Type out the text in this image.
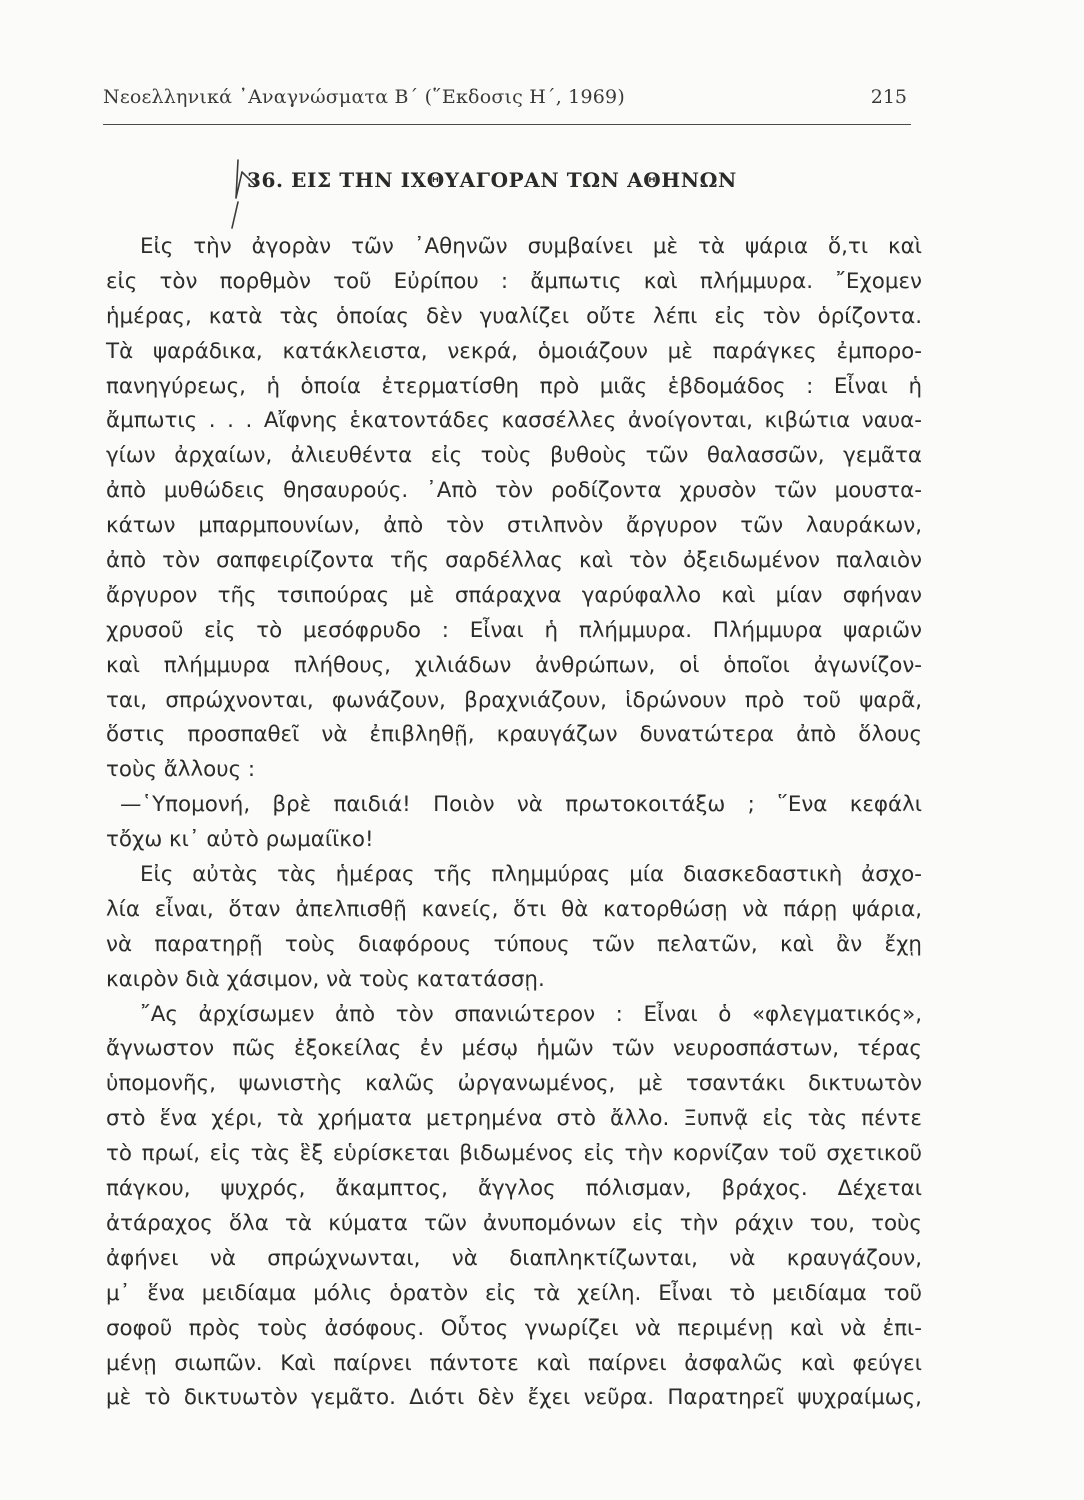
Νεοελληνικά ᾿Αναγνώσματα Β΄ (῞Εκδοσις Η΄, 1969)	215
36. ΕΙΣ ΤΗΝ ΙΧΘΥΑΓΟΡΑΝ ΤΩΝ ΑΘΗΝΩΝ
Εἰς τὴν ἀγορὰν τῶν ᾿Αθηνῶν συμβαίνει μὲ τὰ ψάρια ὅ,τι καὶ
εἰς τὸν πορθμὸν τοῦ Εὐρίπου : ἄμπωτις καὶ πλήμμυρα. ῎Εχομεν
ἡμέρας, κατὰ τὰς ὁποίας δὲν γυαλίζει οὔτε λέπι εἰς τὸν ὁρίζοντα.
Τὰ ψαράδικα, κατάκλειστα, νεκρά, ὁμοιάζουν μὲ παράγκες ἐμπορο-
πανηγύρεως, ἡ ὁποία ἐτερματίσθη πρὸ μιᾶς ἑβδομάδος : Εἶναι ἡ
ἄμπωτις . . . Αἴφνης ἑκατοντάδες κασσέλλες ἀνοίγονται, κιβώτια ναυα-
γίων ἀρχαίων, ἀλιευθέντα εἰς τοὺς βυθοὺς τῶν θαλασσῶν, γεμᾶτα
ἀπὸ μυθώδεις θησαυρούς. ᾿Απὸ τὸν ροδίζοντα χρυσὸν τῶν μουστα-
κάτων μπαρμπουνίων, ἀπὸ τὸν στιλπνὸν ἄργυρον τῶν λαυράκων,
ἀπὸ τὸν σαπφειρίζοντα τῆς σαρδέλλας καὶ τὸν ὀξειδωμένον παλαιὸν
ἄργυρον τῆς τσιπούρας μὲ σπάραχνα γαρύφαλλο καὶ μίαν σφήναν
χρυσοῦ εἰς τὸ μεσόφρυδο : Εἶναι ἡ πλήμμυρα. Πλήμμυρα ψαριῶν
καὶ πλήμμυρα πλήθους, χιλιάδων ἀνθρώπων, οἱ ὁποῖοι ἀγωνίζον-
ται, σπρώχνονται, φωνάζουν, βραχνιάζουν, ἱδρώνουν πρὸ τοῦ ψαρᾶ,
ὅστις προσπαθεῖ νὰ ἐπιβληθῇ, κραυγάζων δυνατώτερα ἀπὸ ὅλους
τοὺς ἄλλους :
—῾Υπομονή, βρὲ παιδιά! Ποιὸν νὰ πρωτοκοιτάξω ; ῞Ενα κεφάλι
τὄχω κι᾿ αὐτὸ ρωμαίϊκο!
Εἰς αὐτὰς τὰς ἡμέρας τῆς πλημμύρας μία διασκεδαστικὴ ἀσχο-
λία εἶναι, ὅταν ἀπελπισθῇ κανείς, ὅτι θὰ κατορθώσῃ νὰ πάρῃ ψάρια,
νὰ παρατηρῇ τοὺς διαφόρους τύπους τῶν πελατῶν, καὶ ἂν ἔχῃ
καιρὸν διὰ χάσιμον, νὰ τοὺς κατατάσσῃ.
῎Ας ἀρχίσωμεν ἀπὸ τὸν σπανιώτερον : Εἶναι ὁ «φλεγματικός»,
ἄγνωστον πῶς ἐξοκείλας ἐν μέσῳ ἡμῶν τῶν νευροσπάστων, τέρας
ὑπομονῆς, ψωνιστὴς καλῶς ὠργανωμένος, μὲ τσαντάκι δικτυωτὸν
στὸ ἕνα χέρι, τὰ χρήματα μετρημένα στὸ ἄλλο. Ξυπνᾷ εἰς τὰς πέντε
τὸ πρωί, εἰς τὰς ἓξ εὑρίσκεται βιδωμένος εἰς τὴν κορνίζαν τοῦ σχετικοῦ
πάγκου, ψυχρός, ἄκαμπτος, ἄγγλος πόλισμαν, βράχος. Δέχεται
ἀτάραχος ὅλα τὰ κύματα τῶν ἀνυπομόνων εἰς τὴν ράχιν του, τοὺς
ἀφήνει νὰ σπρώχνωνται, νὰ διαπληκτίζωνται, νὰ κραυγάζουν,
μ᾿ ἕνα μειδίαμα μόλις ὁρατὸν εἰς τὰ χείλη. Εἶναι τὸ μειδίαμα τοῦ
σοφοῦ πρὸς τοὺς ἀσόφους. Οὗτος γνωρίζει νὰ περιμένῃ καὶ νὰ ἐπι-
μένῃ σιωπῶν. Καὶ παίρνει πάντοτε καὶ παίρνει ἀσφαλῶς καὶ φεύγει
μὲ τὸ δικτυωτὸν γεμᾶτο. Διότι δὲν ἔχει νεῦρα. Παρατηρεῖ ψυχραίμως,
